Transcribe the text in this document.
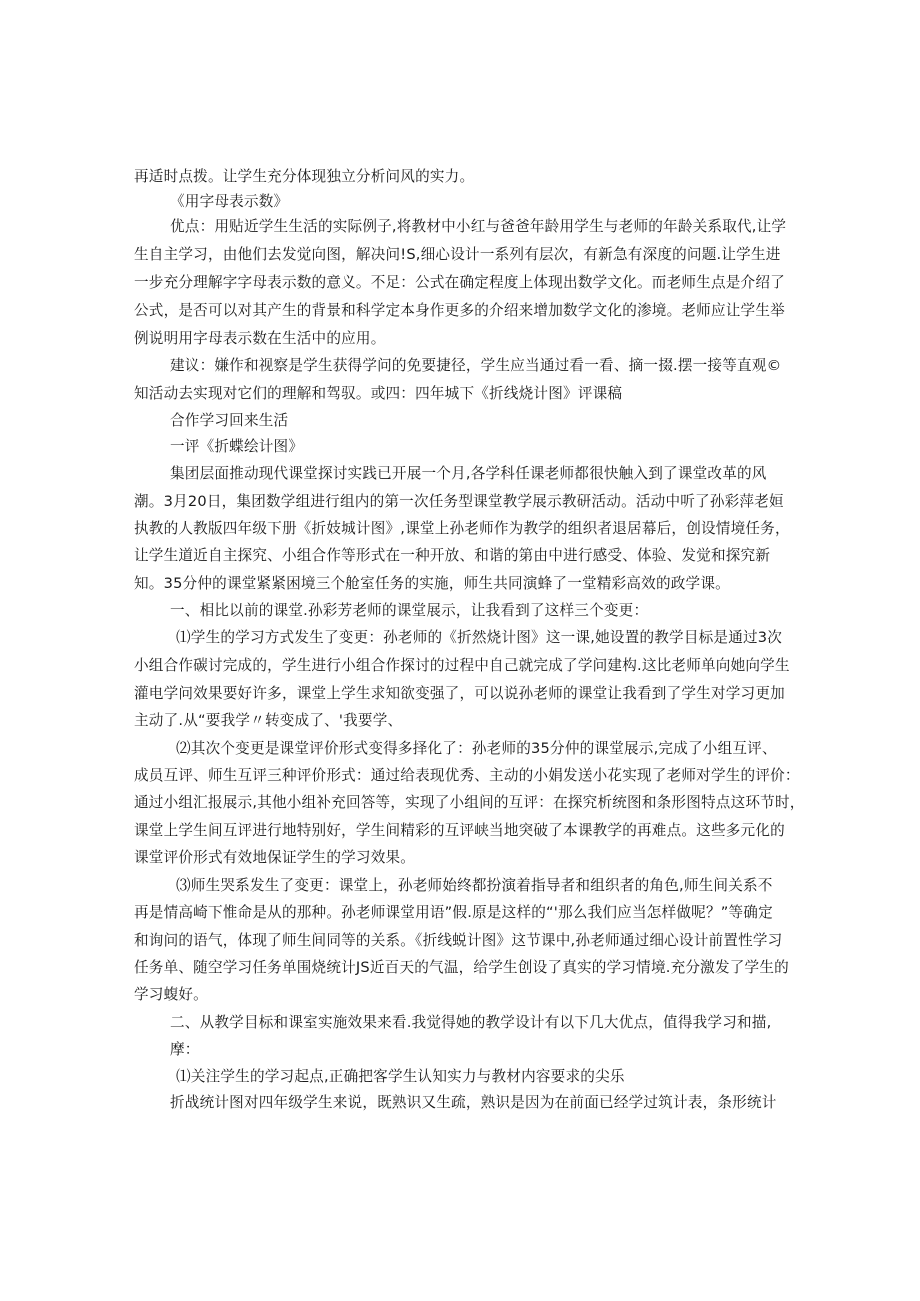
再适时点拨。让学生充分体现独立分析问风的实力。
《用字母表示数》
优点：用贴近学生生活的实际例子,将教材中小红与爸爸年龄用学生与老师的年龄关系取代,让学
生自主学习，由他们去发觉向图，解决问!S,细心设计一系列有层次，有新急有深度的问题.让学生进
一步充分理解字字母表示数的意义。不足：公式在确定程度上体现出数学文化。而老师生点是介绍了
公式，是否可以对其产生的背景和科学定本身作更多的介绍来增加数学文化的渗境。老师应让学生举
例说明用字母表示数在生活中的应用。
建议：嫌作和视察是学生获得学问的免要捷径，学生应当通过看一看、摘一掇.摆一接等直观©
知活动去实现对它们的理解和驾驭。或四：四年城下《折线烧计图》评课稿
合作学习回来生活
一评《折蝶绘计图》
集团层面推动现代课堂探讨实践已开展一个月,各学科任课老师都很快触入到了课堂改革的风
潮。3月20日，集团数学组进行组内的第一次任务型课堂教学展示教研活动。活动中听了孙彩萍老姮
执教的人教版四年级下册《折妓城计图》,课堂上孙老师作为教学的组织者退居幕后，创设情境任务，
让学生道近自主探究、小组合作等形式在一种开放、和谐的第由中进行感受、体验、发觉和探究新
知。35分仲的课堂紧紧困境三个舱室任务的实施，师生共同演蜂了一堂精彩高效的政学课。
一、相比以前的课堂.孙彩芳老师的课堂展示，让我看到了这样三个变更：
⑴学生的学习方式发生了变更：孙老师的《折然烧计图》这一课,她设置的教学目标是通过3次
小组合作碳讨完成的，学生进行小组合作探讨的过程中自己就完成了学问建构.这比老师单向她向学生
灌电学问效果要好许多，课堂上学生求知欲变强了，可以说孙老师的课堂让我看到了学生对学习更加
主动了.从“要我学〃转变成了、'我要学、
⑵其次个变更是课堂评价形式变得多择化了：孙老师的35分仲的课堂展示,完成了小组互评、
成员互评、师生互评三种评价形式：通过给表现优秀、主动的小娟发送小花实现了老师对学生的评价：
通过小组汇报展示,其他小组补充回答等，实现了小组间的互评：在探究析统图和条形图特点这环节时，
课堂上学生间互评进行地特别好，学生间精彩的互评峡当地突破了本课教学的再难点。这些多元化的
课堂评价形式有效地保证学生的学习效果。
⑶师生哭系发生了变更：课堂上，孙老师始终都扮演着指导者和组织者的角色,师生间关系不
再是情高崎下惟命是从的那种。孙老师课堂用语”假.原是这样的“'那么我们应当怎样做呢？”等确定
和询问的语气，体现了师生间同等的关系。《折线蜕计图》这节课中,孙老师通过细心设计前置性学习
任务单、随空学习任务单围烧统计JS近百天的气温，给学生创设了真实的学习情境.充分激发了学生的
学习蝮好。
二、从教学目标和课室实施效果来看.我觉得她的教学设计有以下几大优点，值得我学习和描,
摩：
⑴关注学生的学习起点,正确把客学生认知实力与教材内容要求的尖乐
折战统计图对四年级学生来说，既熟识又生疏，熟识是因为在前面已经学过筑计表，条形统计
